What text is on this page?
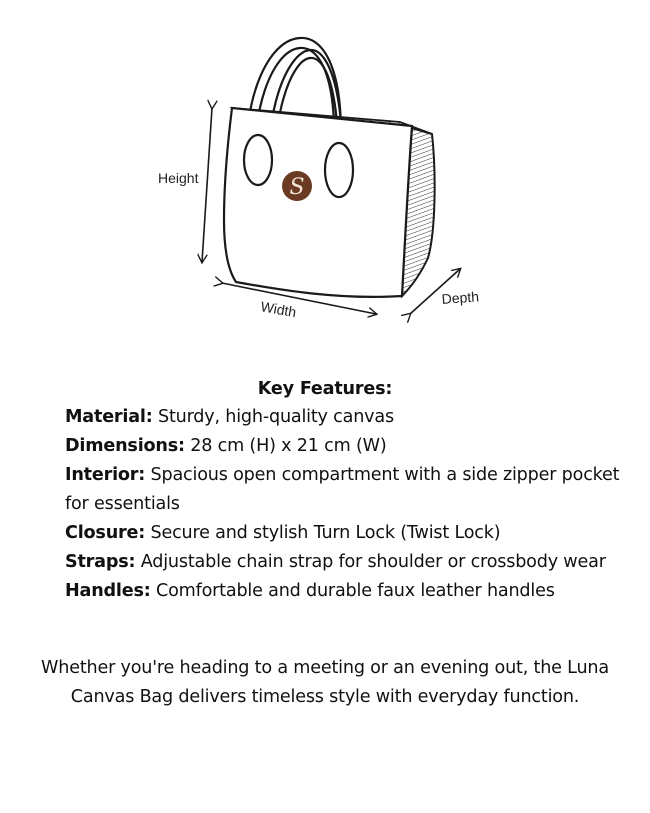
S
Height
Width
Depth

Key Features:

Material: Sturdy, high-quality canvas

Dimensions: 28 cm (H) x 21 cm (W)

Interior: Spacious open compartment with a side zipper pocket for essentials

Closure: Secure and stylish Turn Lock (Twist Lock)

Straps: Adjustable chain strap for shoulder or crossbody wear

Handles: Comfortable and durable faux leather handles

Whether you're heading to a meeting or an evening out, the Luna Canvas Bag delivers timeless style with everyday function.
